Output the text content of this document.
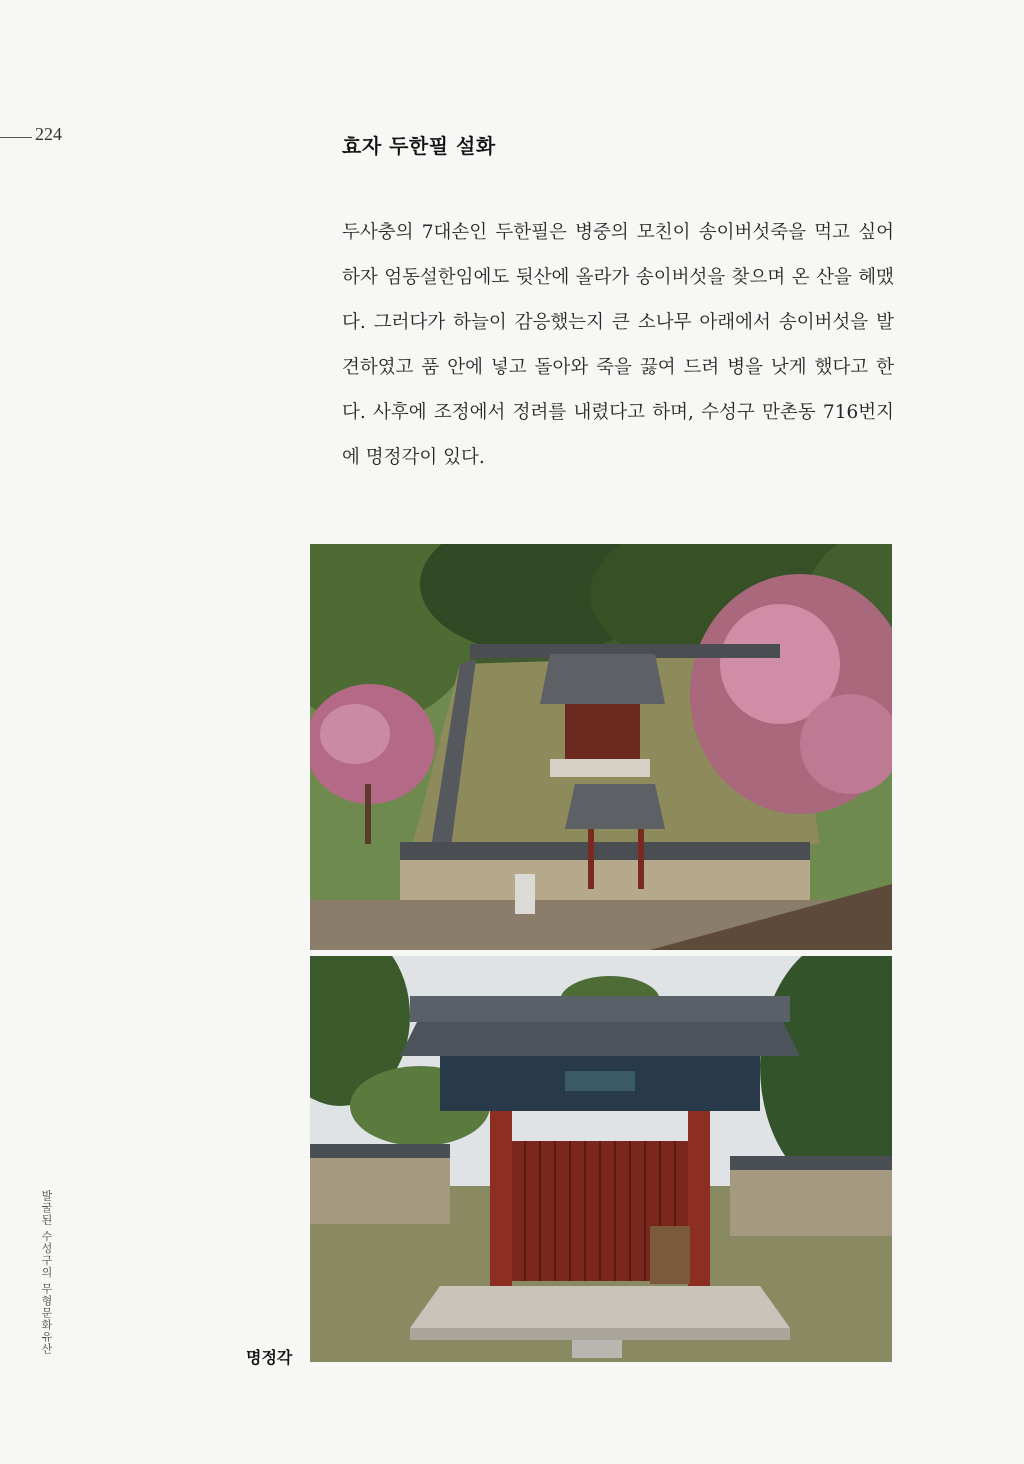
224	효자 두한필 설화

두사충의 7대손인 두한필은 병중의 모친이 송이버섯죽을 먹고 싶어 하자 엄동설한임에도 뒷산에 올라가 송이버섯을 찾으며 온 산을 헤맸다. 그러다가 하늘이 감응했는지 큰 소나무 아래에서 송이버섯을 발견하였고 품 안에 넣고 돌아와 죽을 끓여 드려 병을 낫게 했다고 한다. 사후에 조정에서 정려를 내렸다고 하며, 수성구 만촌동 716번지에 명정각이 있다.

명정각
발굴된 수성구의 무형문화유산
